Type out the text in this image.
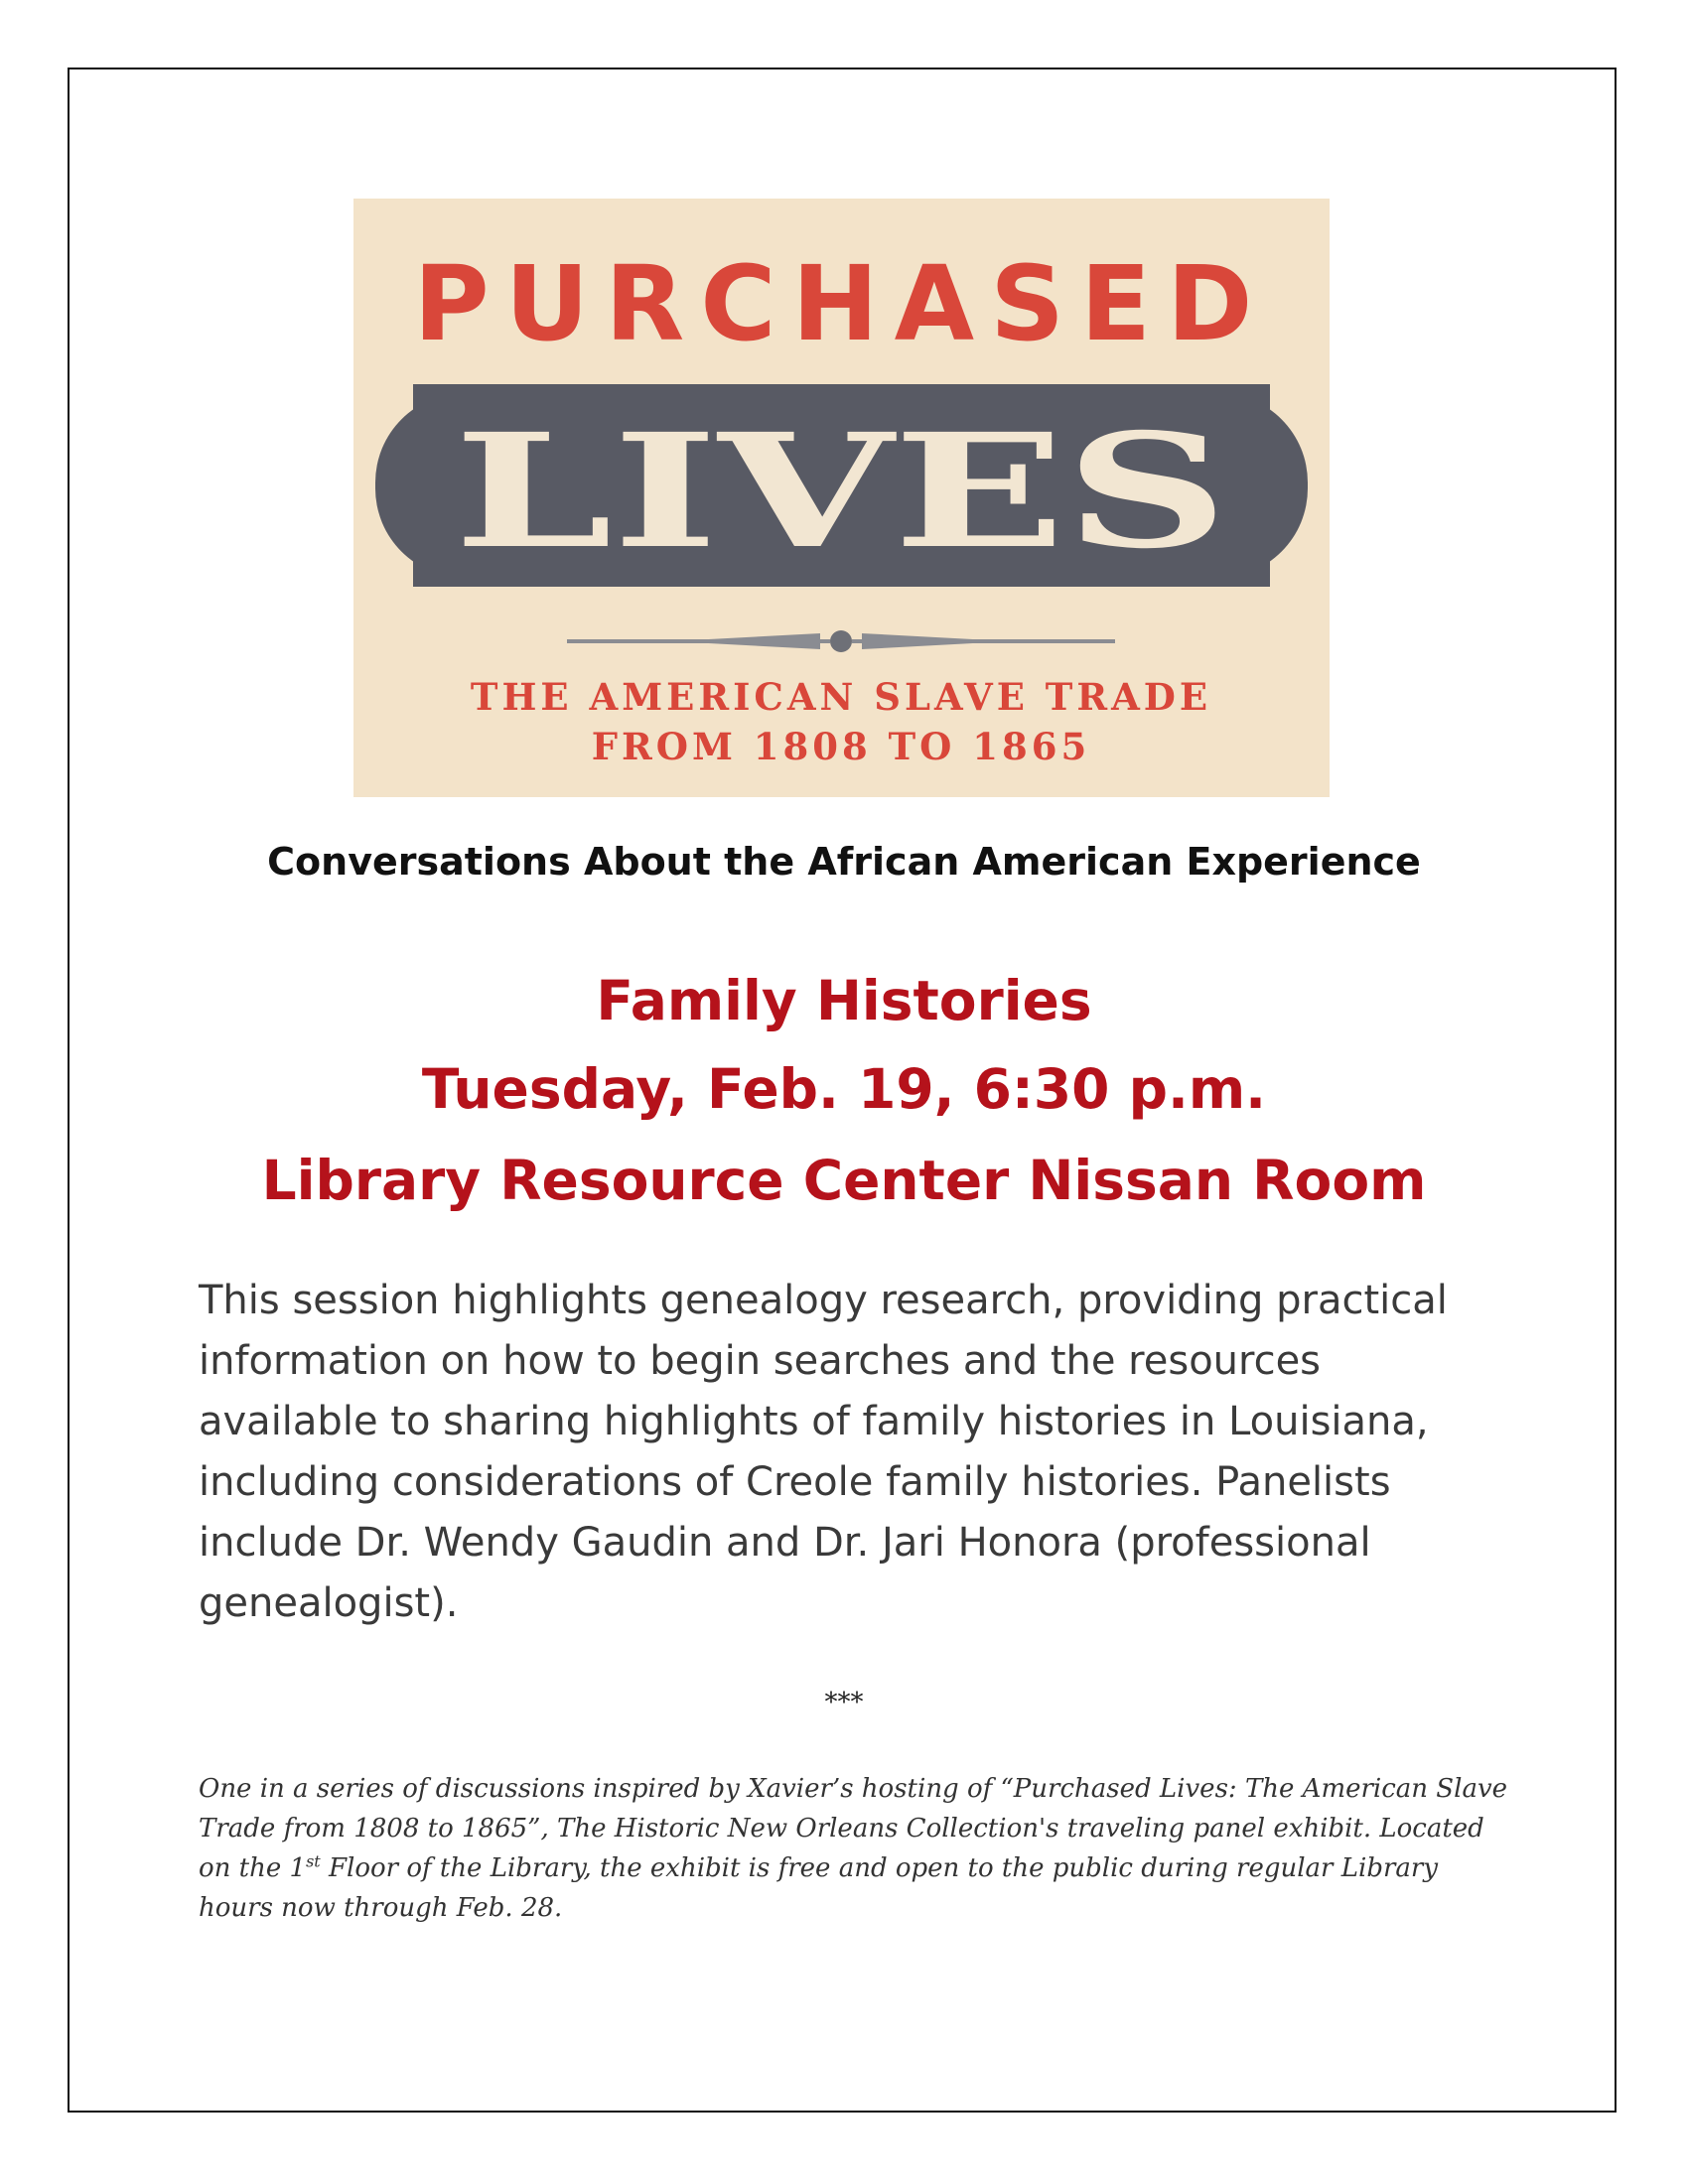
PURCHASED
LIVES
THE AMERICAN SLAVE TRADE
FROM 1808 TO 1865
Conversations About the African American Experience
Family Histories
Tuesday, Feb. 19, 6:30 p.m.
Library Resource Center Nissan Room

This session highlights genealogy research, providing practical information on how to begin searches and the resources available to sharing highlights of family histories in Louisiana, including considerations of Creole family histories. Panelists include Dr. Wendy Gaudin and Dr. Jari Honora (professional genealogist).

***

One in a series of discussions inspired by Xavier’s hosting of “Purchased Lives: The American Slave Trade from 1808 to 1865”, The Historic New Orleans Collection's traveling panel exhibit. Located on the 1st Floor of the Library, the exhibit is free and open to the public during regular Library hours now through Feb. 28.
